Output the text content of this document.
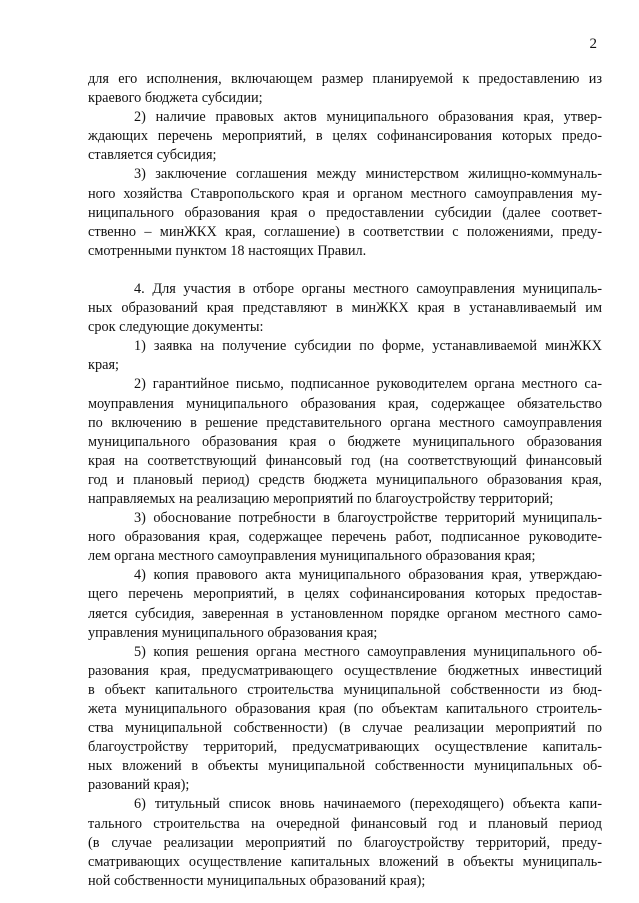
2
для его исполнения, включающем размер планируемой к предоставлению из
краевого бюджета субсидии;
2) наличие правовых актов муниципального образования края, утвер-
ждающих перечень мероприятий, в целях софинансирования которых предо-
ставляется субсидия;
3) заключение соглашения между министерством жилищно-коммуналь-
ного хозяйства Ставропольского края и органом местного самоуправления му-
ниципального образования края о предоставлении субсидии (далее соответ-
ственно – минЖКХ края, соглашение) в соответствии с положениями, преду-
смотренными пунктом 18 настоящих Правил.
4. Для участия в отборе органы местного самоуправления муниципаль-
ных образований края представляют в минЖКХ края в устанавливаемый им
срок следующие документы:
1) заявка на получение субсидии по форме, устанавливаемой минЖКХ
края;
2) гарантийное письмо, подписанное руководителем органа местного са-
моуправления муниципального образования края, содержащее обязательство
по включению в решение представительного органа местного самоуправления
муниципального образования края о бюджете муниципального образования
края на соответствующий финансовый год (на соответствующий финансовый
год и плановый период) средств бюджета муниципального образования края,
направляемых на реализацию мероприятий по благоустройству территорий;
3) обоснование потребности в благоустройстве территорий муниципаль-
ного образования края, содержащее перечень работ, подписанное руководите-
лем органа местного самоуправления муниципального образования края;
4) копия правового акта муниципального образования края, утверждаю-
щего перечень мероприятий, в целях софинансирования которых предостав-
ляется субсидия, заверенная в установленном порядке органом местного само-
управления муниципального образования края;
5) копия решения органа местного самоуправления муниципального об-
разования края, предусматривающего осуществление бюджетных инвестиций
в объект капитального строительства муниципальной собственности из бюд-
жета муниципального образования края (по объектам капитального строитель-
ства муниципальной собственности) (в случае реализации мероприятий по
благоустройству территорий, предусматривающих осуществление капиталь-
ных вложений в объекты муниципальной собственности муниципальных об-
разований края);
6) титульный список вновь начинаемого (переходящего) объекта капи-
тального строительства на очередной финансовый год и плановый период
(в случае реализации мероприятий по благоустройству территорий, преду-
сматривающих осуществление капитальных вложений в объекты муниципаль-
ной собственности муниципальных образований края);
